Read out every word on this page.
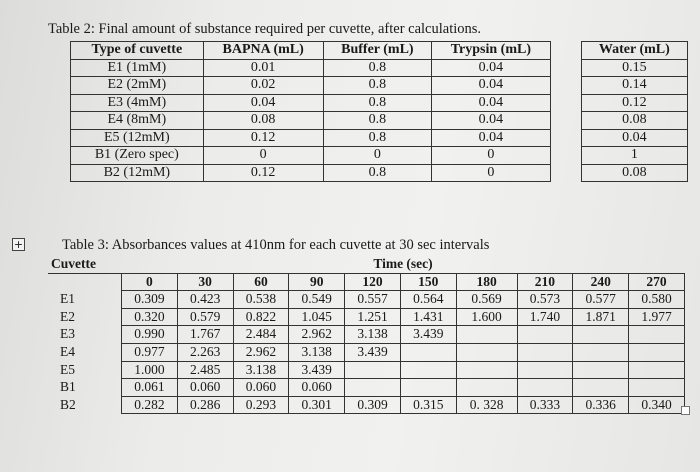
Table 2: Final amount of substance required per cuvette, after calculations.
Type of cuvette	BAPNA (mL)	Buffer (mL)	Trypsin (mL)		Water (mL)
E1 (1mM)	0.01	0.8	0.04		0.15
E2 (2mM)	0.02	0.8	0.04		0.14
E3 (4mM)	0.04	0.8	0.04		0.12
E4 (8mM)	0.08	0.8	0.04		0.08
E5 (12mM)	0.12	0.8	0.04		0.04
B1 (Zero spec)	0	0	0		1
B2 (12mM)	0.12	0.8	0		0.08
+	Table 3: Absorbances values at 410nm for each cuvette at 30 sec intervals
Cuvette	Time (sec)									
	0	30	60	90	120	150	180	210	240	270
E1	0.309	0.423	0.538	0.549	0.557	0.564	0.569	0.573	0.577	0.580
E2	0.320	0.579	0.822	1.045	1.251	1.431	1.600	1.740	1.871	1.977
E3	0.990	1.767	2.484	2.962	3.138	3.439				
E4	0.977	2.263	2.962	3.138	3.439					
E5	1.000	2.485	3.138	3.439						
B1	0.061	0.060	0.060	0.060						
B2	0.282	0.286	0.293	0.301	0.309	0.315	0. 328	0.333	0.336	0.340
